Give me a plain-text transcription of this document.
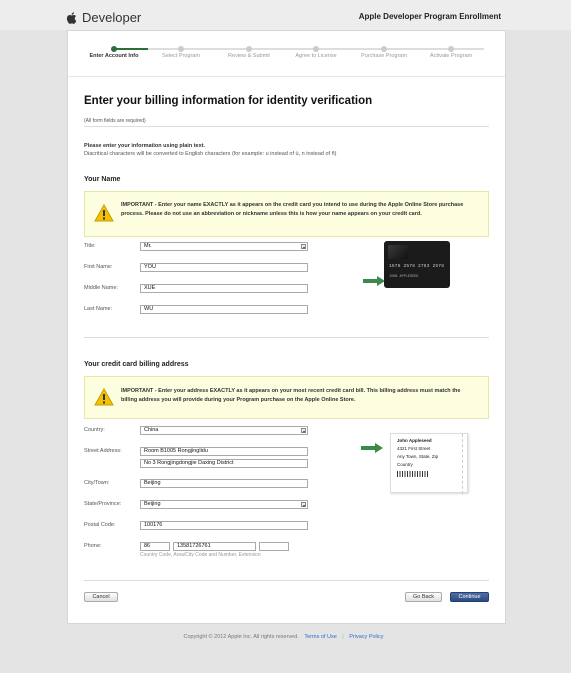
Developer	Apple Developer Program Enrollment
Enter Account Info	Select Program	Review & Submit	Agree to License	Purchase Program	Activate Program
Enter your billing information for identity verification
(All form fields are required)
Please enter your information using plain text.
Diacritical characters will be converted to English characters (for example: u instead of ü, n instead of ñ)
Your Name
IMPORTANT - Enter your name EXACTLY as it appears on the credit card you intend to use during the Apple Online Store purchase process. Please do not use an abbreviation or nickname unless this is how your name appears on your credit card.
Title:	Mr.
First Name:	YOU
Middle Name:	XUE
Last Name:	WU
1578 2578 2783 2578
JOHN APPLESEED
Your credit card billing address
IMPORTANT - Enter your address EXACTLY as it appears on your most recent credit card bill. This billing address must match the billing address you will provide during your Program purchase on the Apple Online Store.
Country:	China
Street Address:	Room B1005 Rongjinglidu
No 3 Rongjingdongjie Daxing District
City/Town:	Beijing
State/Province:	Beijing
Postal Code:	100176
Phone:	86	13581726761
Country Code, Area/City Code and Number, Extension
John Appleseed
4321 First Street
Any Town, State, Zip
Country
Cancel	Go Back	Continue
Copyright © 2012 Apple Inc. All rights reserved. Terms of Use | Privacy Policy
